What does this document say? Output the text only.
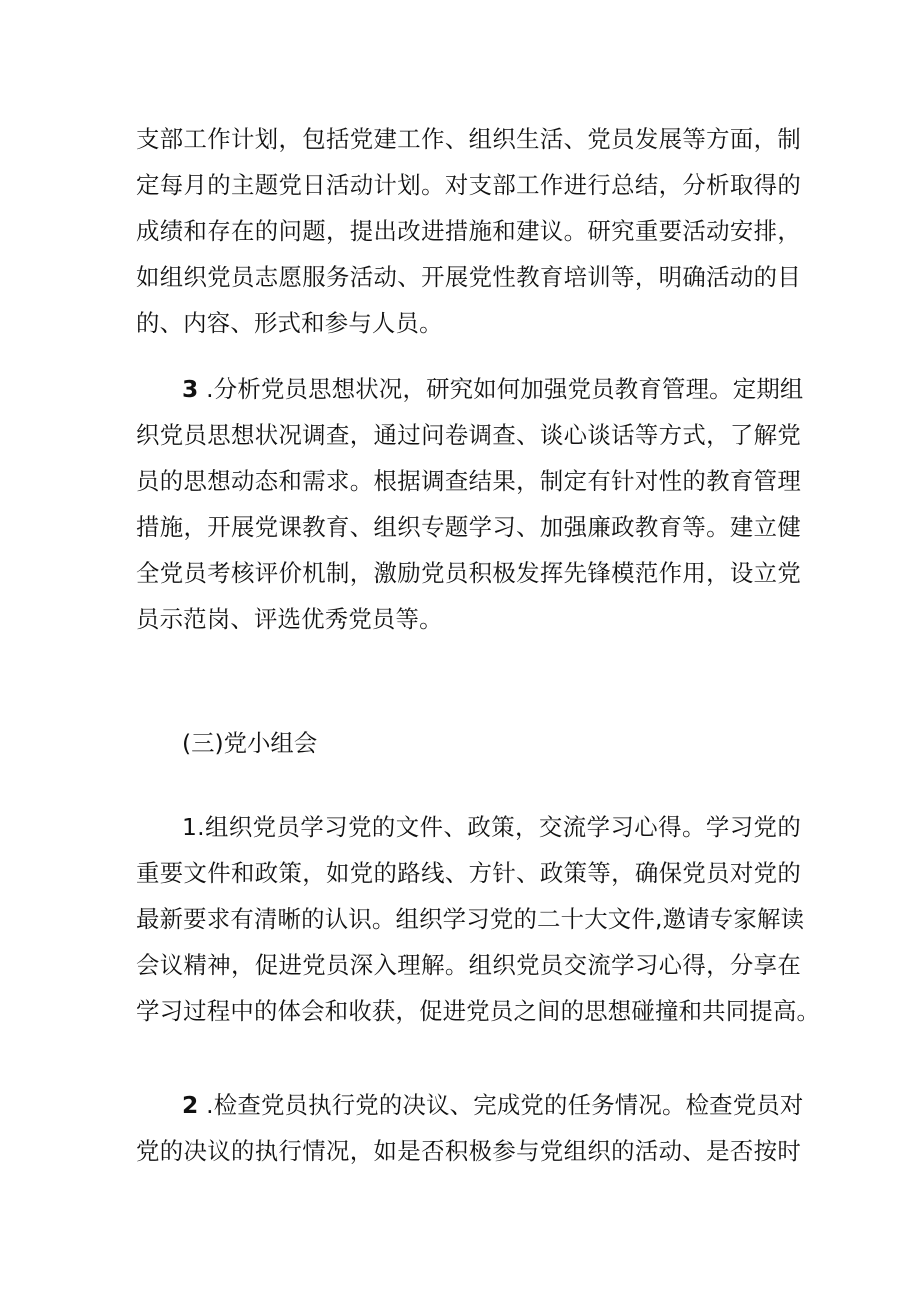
支部工作计划，包括党建工作、组织生活、党员发展等方面，制
定每月的主题党日活动计划。对支部工作进行总结，分析取得的
成绩和存在的问题，提出改进措施和建议。研究重要活动安排，
如组织党员志愿服务活动、开展党性教育培训等，明确活动的目
的、内容、形式和参与人员。
3 .分析党员思想状况，研究如何加强党员教育管理。定期组
织党员思想状况调查，通过问卷调查、谈心谈话等方式，了解党
员的思想动态和需求。根据调查结果，制定有针对性的教育管理
措施，开展党课教育、组织专题学习、加强廉政教育等。建立健
全党员考核评价机制，激励党员积极发挥先锋模范作用，设立党
员示范岗、评选优秀党员等。
(三)党小组会
1.组织党员学习党的文件、政策，交流学习心得。学习党的
重要文件和政策，如党的路线、方针、政策等，确保党员对党的
最新要求有清晰的认识。组织学习党的二十大文件,邀请专家解读
会议精神，促进党员深入理解。组织党员交流学习心得，分享在
学习过程中的体会和收获，促进党员之间的思想碰撞和共同提高。
2 .检查党员执行党的决议、完成党的任务情况。检查党员对
党的决议的执行情况，如是否积极参与党组织的活动、是否按时
